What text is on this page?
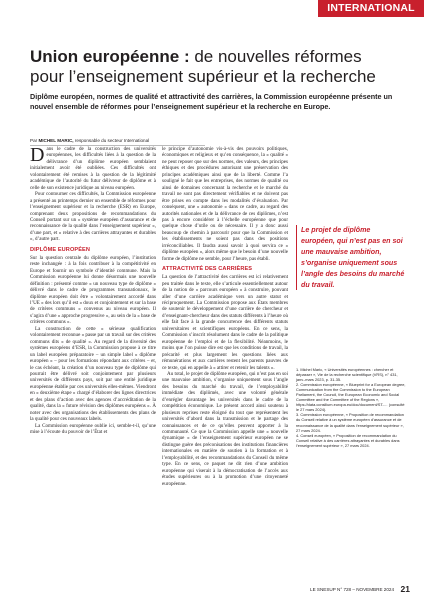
INTERNATIONAL
Union européenne : de nouvelles réformes pour l’enseignement supérieur et la recherche
Diplôme européen, normes de qualité et attractivité des carrières, la Commission européenne présente un nouvel ensemble de réformes pour l’enseignement supérieur et la recherche en Europe.
Par MICHEL MARIC, responsable du secteur International

Dans le cadre de la construction des universités européennes, les difficultés liées à la question de la délivrance d’un diplôme européen semblaient initialement avoir été oubliées. Ces difficultés ont volontairement été remises à la question de la légitimité académique de l’autorité du futur délivreur de diplôme et à celle de son existence juridique au niveau européen.

Pour contourner ces difficultés, la Commission européenne a présenté au printemps dernier un ensemble de réformes pour l’enseignement supérieur et la recherche (ESR) en Europe, comprenant deux propositions de recommandations du Conseil portant sur un « système européen d’assurance et de reconnaissance de la qualité dans l’enseignement supérieur », d’une part, et « relative à des carrières attrayantes et durables », d’autre part.

DIPLÔME EUROPÉEN

Sur la question centrale du diplôme européen, l’institution reste inchangée : à la fois contribuer à la compétitivité en Europe et fournir un symbole d’identité commune. Mais la Commission européenne lui donne désormais une nouvelle définition : présenté comme « un nouveau type de diplôme » délivré dans le cadre de programmes transnationaux, le diplôme européen doit être « volontairement accordé dans l’UE » des lors qu’il est « doux et conjointement et sur la base de critères communs » convenus au niveau européen. Il s’agira d’une « approche progressive », au sein de la « base de critères communs ».

La construction de cette « sérieuse qualification volontairement reconnue » passe par un travail sur des critères communs dits « de qualité ». Au regard de la diversité des systèmes européens d’ESR, la Commission propose à ce titre un label européen préparatoire – un simple label « diplôme européen » – pour les formations répondant aux critères – et, le cas échéant, la création d’un nouveau type de diplôme qui pourrait être délivré soit conjointement par plusieurs universités de différents pays, soit par une entité juridique européenne établie par ces universités elles-mêmes. Viendront en « deuxième étape » chargé d’élaborer des lignes directrices et des plans d’action avec des agences d’accréditation de la qualité, dans la « future révision des diplômes européens ». À noter avec des organisations des établissements des plans de la qualité pour ces nouveaux labels.

La Commission européenne oublie ici, semble-t-il, qu’une mise à l’écoute du pouvoir de l’État et

le principe d’autonomie vis-à-vis des pouvoirs politiques, économiques et religieux et qu’en conséquence, la « qualité » ne peut reposer que sur des normes, des valeurs, des principes éthiques et des procédures autorisant une préservation des principes académiques ainsi que de la liberté. Comme l’a souligné le fait que les entreprises, des normes de qualité ou ainsi de domaines concernant la recherche et le marché du travail ne sont pas directement vérifiables et ne doivent pas être prises en compte dans les modalités d’évaluation. Par conséquent, une « autonomie » dans ce cadre, au regard des autorités nationales et de la délivrance de ces diplômes, n’est pas à encore considérer à l’échelle européenne que pour quelque chose d’utile ou de nécessaire. Il y a donc aussi beaucoup de chemin à parcourir pour que la Commission et les établissements ne soient pas dans des positions irréconciliables. Il faudra aussi savoir à quoi servira ce « diplôme européen », alors même que le besoin d’une nouvelle forme de diplôme ne semble, pour l’heure, pas établi.

ATTRACTIVITÉ DES CARRIÈRES

La question de l’attractivité des carrières est ici relativement peu traitée dans le texte, elle s’articule essentiellement autour de la notion de « parcours européen » à construire, pouvant aller d’une carrière académique vers un autre statut et réciproquement. La Commission propose aux États membres de soutenir le développement d’une carrière de chercheur et d’enseignant-chercheur dans des statuts différents à l’heure où elle fait face à la grande concurrence des différents statuts universitaires et scientifiques européens. En ce sens, la Commission s’inscrit résolument dans le cadre de la politique européenne de l’emploi et de la flexibilité. Néanmoins, le moins que l’on puisse dire est que les conditions de travail, la précarité et plus largement les questions liées aux rémunérations et aux carrières restent les parents pauvres de ce texte, qui en appelle à « attirer et retenir les talents ».

Au total, le projet de diplôme européen, qui n’est pas en soi une mauvaise ambition, s’organise uniquement sous l’angle des besoins du marché du travail, de l’employabilité immédiate des diplômés, avec une volonté générale d’enrégler davantage les universités dans le cadre de la compétition économique. Le présent accord ainsi soutenu à plusieurs reprises reste éloigné du tout que représentent les universités d’abord dans la transmission et le partage des connaissances et de ce qu’elles peuvent apporter à la communauté. Ce que la Commission appelle une « nouvelle dynamique » de l’enseignement supérieur européen ne se distingue guère des préconisations des institutions financières internationales en matière de soutien à la formation et à l’employabilité, et des recommandations du Conseil du même type. En ce sens, ce paquet ne dit rien d’une ambition européenne qui viserait à la démocratisation de l’accès aux études supérieures ou à la promotion d’une citoyenneté européenne.

Le projet de diplôme européen, qui n’est pas en soi une mauvaise ambition, s’organise uniquement sous l’angle des besoins du marché du travail.
1. Michel Maric, « Universités européennes : chercher et dépasser », Vie de la recherche scientifique (VRS), n° 431, janv.-mars 2023, p. 31-35.
2. Commission européenne, « Blueprint for a European degree, Communication from the Commission to the European Parliament, the Council, the European Economic and Social Committee and the Committee of the Regions », https://data.consilium.europa.eu/doc/document/ST-… (consulté le 27 mars 2024).
3. Commission européenne, « Proposition de recommandation du Conseil relative à un système européen d’assurance et de reconnaissance de la qualité dans l’enseignement supérieur », 27 mars 2024.
4. Conseil européen, « Proposition de recommandation du Conseil relative à des carrières attrayantes et durables dans l’enseignement supérieur », 27 mars 2024.
LE SNESUP N° 728 – NOVEMBRE 2024 21
